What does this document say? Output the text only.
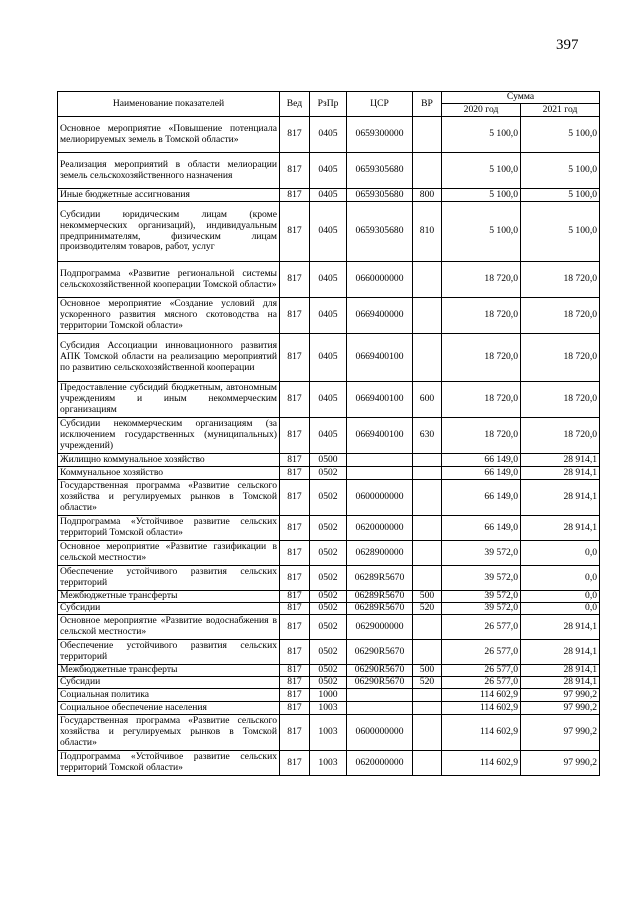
397
Наименование показателей	Вед	РзПр	ЦСР	ВР	Сумма	
					2020 год	2021 год
Основное мероприятие «Повышение потенциала мелиорируемых земель в Томской области»	817	0405	0659300000		5 100,0	5 100,0
Реализация мероприятий в области мелиорации земель сельскохозяйственного назначения	817	0405	0659305680		5 100,0	5 100,0
Иные бюджетные ассигнования	817	0405	0659305680	800	5 100,0	5 100,0
Субсидии юридическим лицам (кроме некоммерческих организаций), индивидуальным предпринимателям, физическим лицам производителям товаров, работ, услуг	817	0405	0659305680	810	5 100,0	5 100,0
Подпрограмма «Развитие региональной системы сельскохозяйственной кооперации Томской области»	817	0405	0660000000		18 720,0	18 720,0
Основное мероприятие «Создание условий для ускоренного развития мясного скотоводства на территории Томской области»	817	0405	0669400000		18 720,0	18 720,0
Субсидия Ассоциации инновационного развития АПК Томской области на реализацию мероприятий по развитию сельскохозяйственной кооперации	817	0405	0669400100		18 720,0	18 720,0
Предоставление субсидий бюджетным, автономным учреждениям и иным некоммерческим организациям	817	0405	0669400100	600	18 720,0	18 720,0
Субсидии некоммерческим организациям (за исключением государственных (муниципальных) учреждений)	817	0405	0669400100	630	18 720,0	18 720,0
Жилищно коммунальное хозяйство	817	0500			66 149,0	28 914,1
Коммунальное хозяйство	817	0502			66 149,0	28 914,1
Государственная программа «Развитие сельского хозяйства и регулируемых рынков в Томской области»	817	0502	0600000000		66 149,0	28 914,1
Подпрограмма «Устойчивое развитие сельских территорий Томской области»	817	0502	0620000000		66 149,0	28 914,1
Основное мероприятие «Развитие газификации в сельской местности»	817	0502	0628900000		39 572,0	0,0
Обеспечение устойчивого развития сельских территорий	817	0502	06289R5670		39 572,0	0,0
Межбюджетные трансферты	817	0502	06289R5670	500	39 572,0	0,0
Субсидии	817	0502	06289R5670	520	39 572,0	0,0
Основное мероприятие «Развитие водоснабжения в сельской местности»	817	0502	0629000000		26 577,0	28 914,1
Обеспечение устойчивого развития сельских территорий	817	0502	06290R5670		26 577,0	28 914,1
Межбюджетные трансферты	817	0502	06290R5670	500	26 577,0	28 914,1
Субсидии	817	0502	06290R5670	520	26 577,0	28 914,1
Социальная политика	817	1000			114 602,9	97 990,2
Социальное обеспечение населения	817	1003			114 602,9	97 990,2
Государственная программа «Развитие сельского хозяйства и регулируемых рынков в Томской области»	817	1003	0600000000		114 602,9	97 990,2
Подпрограмма «Устойчивое развитие сельских территорий Томской области»	817	1003	0620000000		114 602,9	97 990,2
